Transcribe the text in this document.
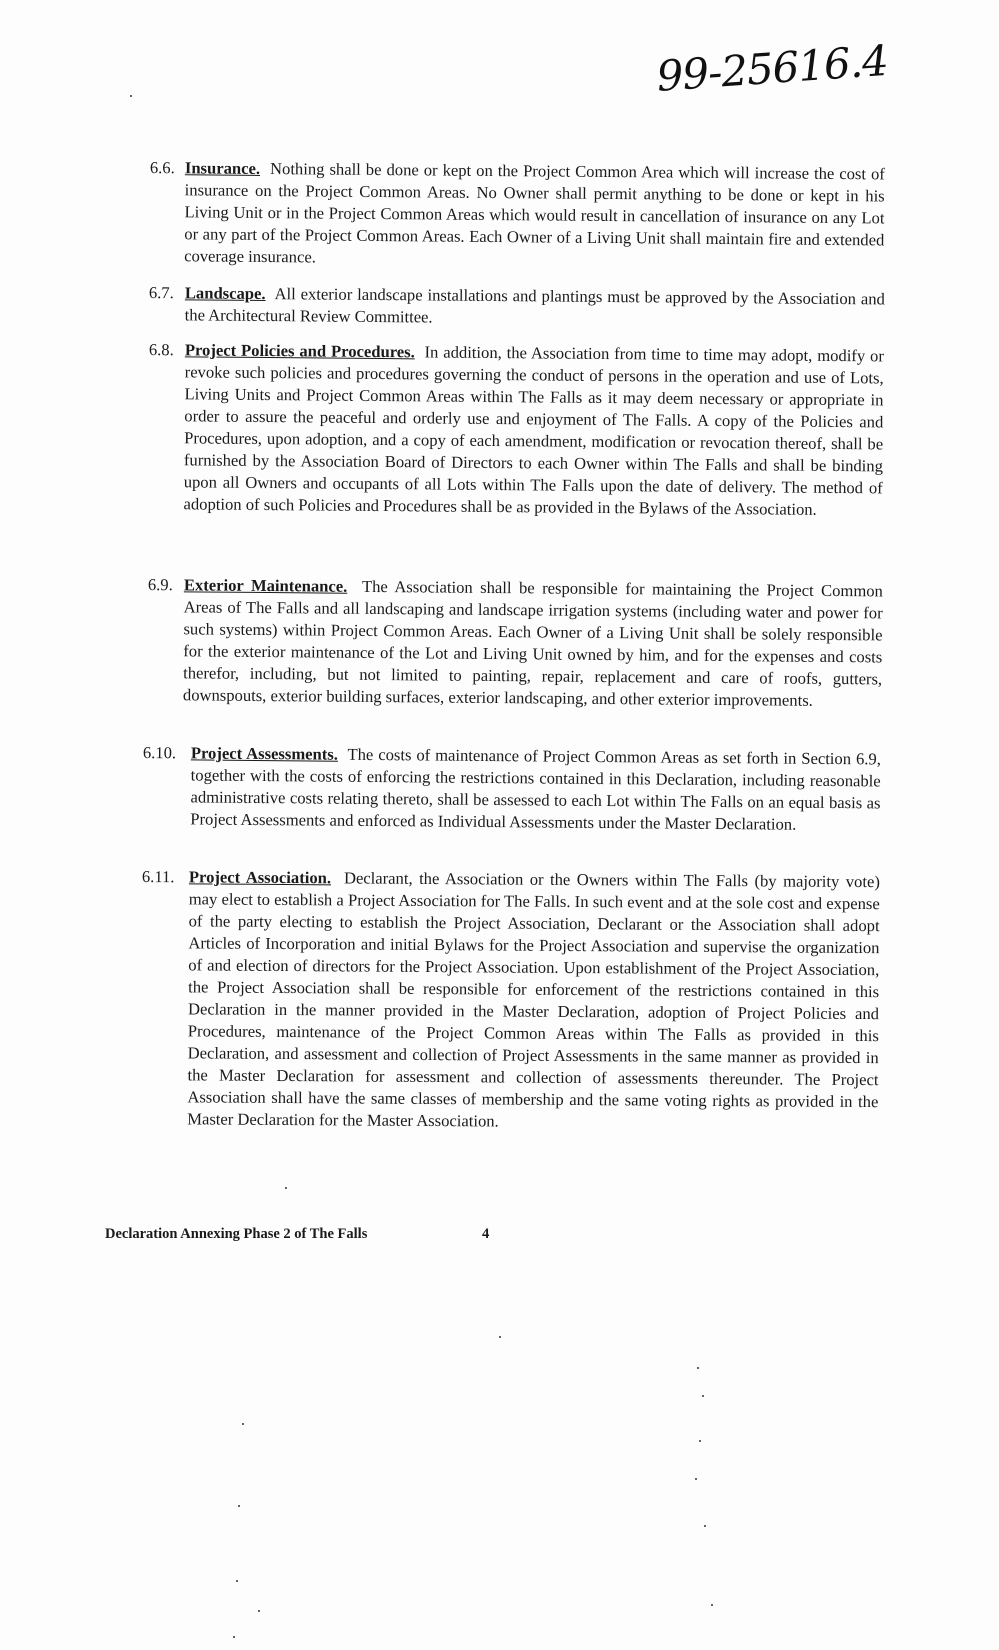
99-25616.4
6.6. Insurance. Nothing shall be done or kept on the Project Common Area which will increase the cost of insurance on the Project Common Areas. No Owner shall permit anything to be done or kept in his Living Unit or in the Project Common Areas which would result in cancellation of insurance on any Lot or any part of the Project Common Areas. Each Owner of a Living Unit shall maintain fire and extended coverage insurance.
6.7. Landscape. All exterior landscape installations and plantings must be approved by the Association and the Architectural Review Committee.
6.8. Project Policies and Procedures. In addition, the Association from time to time may adopt, modify or revoke such policies and procedures governing the conduct of persons in the operation and use of Lots, Living Units and Project Common Areas within The Falls as it may deem necessary or appropriate in order to assure the peaceful and orderly use and enjoyment of The Falls. A copy of the Policies and Procedures, upon adoption, and a copy of each amendment, modification or revocation thereof, shall be furnished by the Association Board of Directors to each Owner within The Falls and shall be binding upon all Owners and occupants of all Lots within The Falls upon the date of delivery. The method of adoption of such Policies and Procedures shall be as provided in the Bylaws of the Association.
6.9. Exterior Maintenance. The Association shall be responsible for maintaining the Project Common Areas of The Falls and all landscaping and landscape irrigation systems (including water and power for such systems) within Project Common Areas. Each Owner of a Living Unit shall be solely responsible for the exterior maintenance of the Lot and Living Unit owned by him, and for the expenses and costs therefor, including, but not limited to painting, repair, replacement and care of roofs, gutters, downspouts, exterior building surfaces, exterior landscaping, and other exterior improvements.
6.10. Project Assessments. The costs of maintenance of Project Common Areas as set forth in Section 6.9, together with the costs of enforcing the restrictions contained in this Declaration, including reasonable administrative costs relating thereto, shall be assessed to each Lot within The Falls on an equal basis as Project Assessments and enforced as Individual Assessments under the Master Declaration.
6.11. Project Association. Declarant, the Association or the Owners within The Falls (by majority vote) may elect to establish a Project Association for The Falls. In such event and at the sole cost and expense of the party electing to establish the Project Association, Declarant or the Association shall adopt Articles of Incorporation and initial Bylaws for the Project Association and supervise the organization of and election of directors for the Project Association. Upon establishment of the Project Association, the Project Association shall be responsible for enforcement of the restrictions contained in this Declaration in the manner provided in the Master Declaration, adoption of Project Policies and Procedures, maintenance of the Project Common Areas within The Falls as provided in this Declaration, and assessment and collection of Project Assessments in the same manner as provided in the Master Declaration for assessment and collection of assessments thereunder. The Project Association shall have the same classes of membership and the same voting rights as provided in the Master Declaration for the Master Association.
Declaration Annexing Phase 2 of The Falls	4
